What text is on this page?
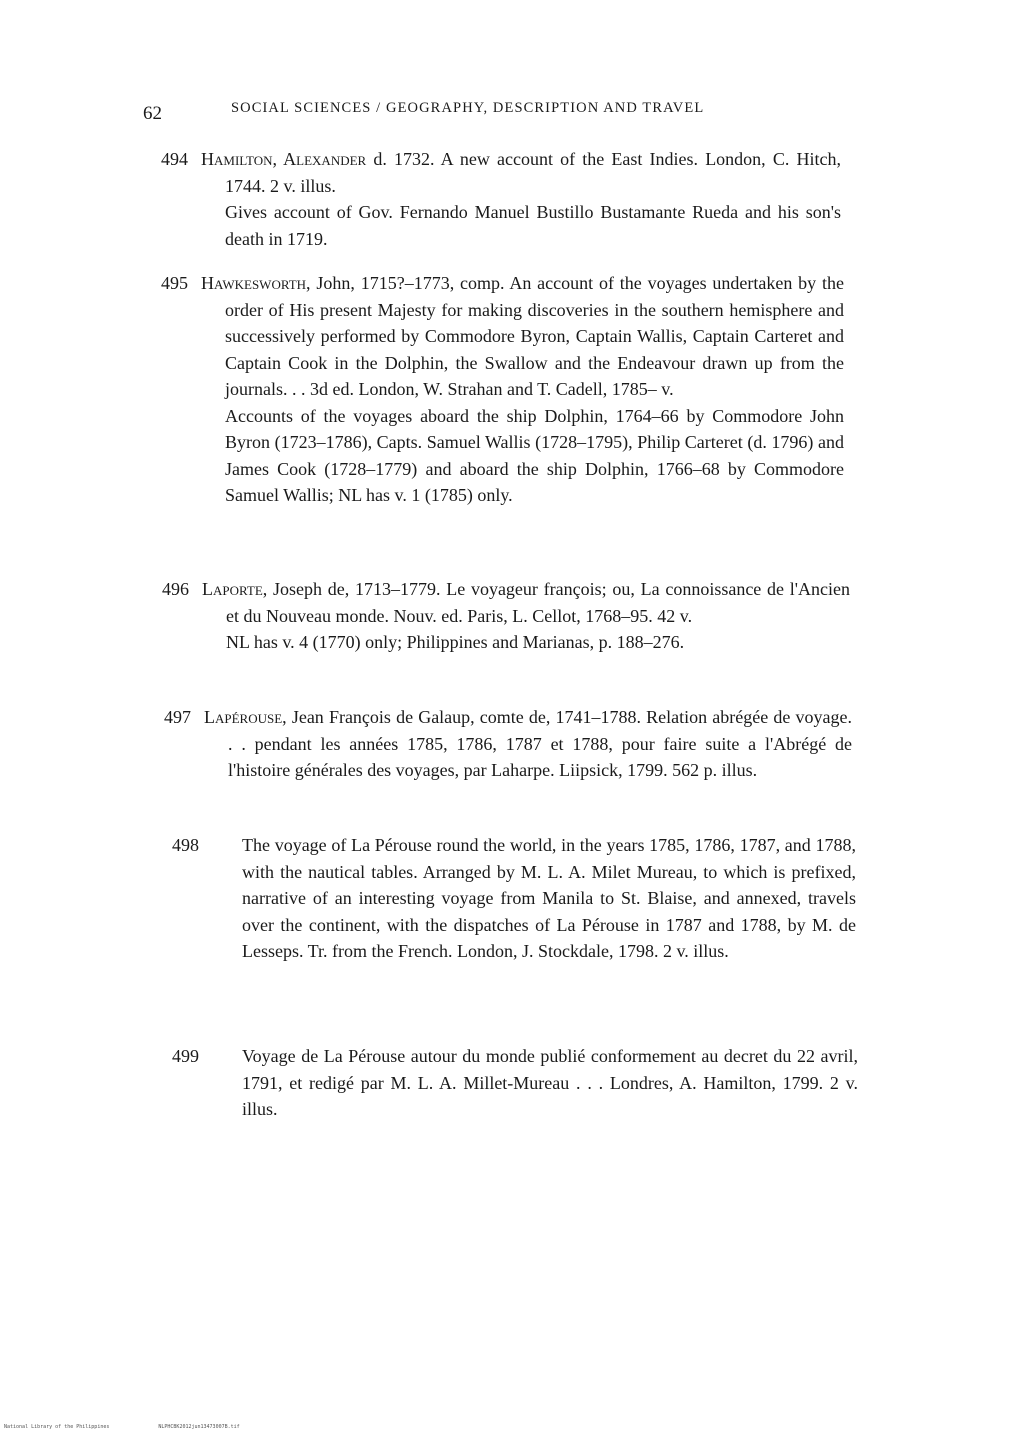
62	SOCIAL SCIENCES / GEOGRAPHY, DESCRIPTION AND TRAVEL
494 Hamilton, Alexander d. 1732. A new account of the East Indies. London, C. Hitch, 1744. 2 v. illus.
Gives account of Gov. Fernando Manuel Bustillo Bustamante Rueda and his son's death in 1719.
495 Hawkesworth, John, 1715?–1773, comp. An account of the voyages undertaken by the order of His present Majesty for making discoveries in the southern hemisphere and successively performed by Commodore Byron, Captain Wallis, Captain Carteret and Captain Cook in the Dolphin, the Swallow and the Endeavour drawn up from the journals. . . 3d ed. London, W. Strahan and T. Cadell, 1785– v.
Accounts of the voyages aboard the ship Dolphin, 1764–66 by Commodore John Byron (1723–1786), Capts. Samuel Wallis (1728–1795), Philip Carteret (d. 1796) and James Cook (1728–1779) and aboard the ship Dolphin, 1766–68 by Commodore Samuel Wallis; NL has v. 1 (1785) only.
496 Laporte, Joseph de, 1713–1779. Le voyageur françois; ou, La connoissance de l'Ancien et du Nouveau monde. Nouv. ed. Paris, L. Cellot, 1768–95. 42 v.
NL has v. 4 (1770) only; Philippines and Marianas, p. 188–276.
497 Lapérouse, Jean François de Galaup, comte de, 1741–1788. Relation abrégée de voyage. . . pendant les années 1785, 1786, 1787 et 1788, pour faire suite a l'Abrégé de l'histoire générales des voyages, par Laharpe. Liipsick, 1799. 562 p. illus.
498	The voyage of La Pérouse round the world, in the years 1785, 1786, 1787, and 1788, with the nautical tables. Arranged by M. L. A. Milet Mureau, to which is prefixed, narrative of an interesting voyage from Manila to St. Blaise, and annexed, travels over the continent, with the dispatches of La Pérouse in 1787 and 1788, by M. de Lesseps. Tr. from the French. London, J. Stockdale, 1798. 2 v. illus.
499	Voyage de La Pérouse autour du monde publié conformement au decret du 22 avril, 1791, et redigé par M. L. A. Millet-Mureau . . . Londres, A. Hamilton, 1799. 2 v. illus.
National Library of the Philippines	NLPHCBK2012jun13473007B.tif
